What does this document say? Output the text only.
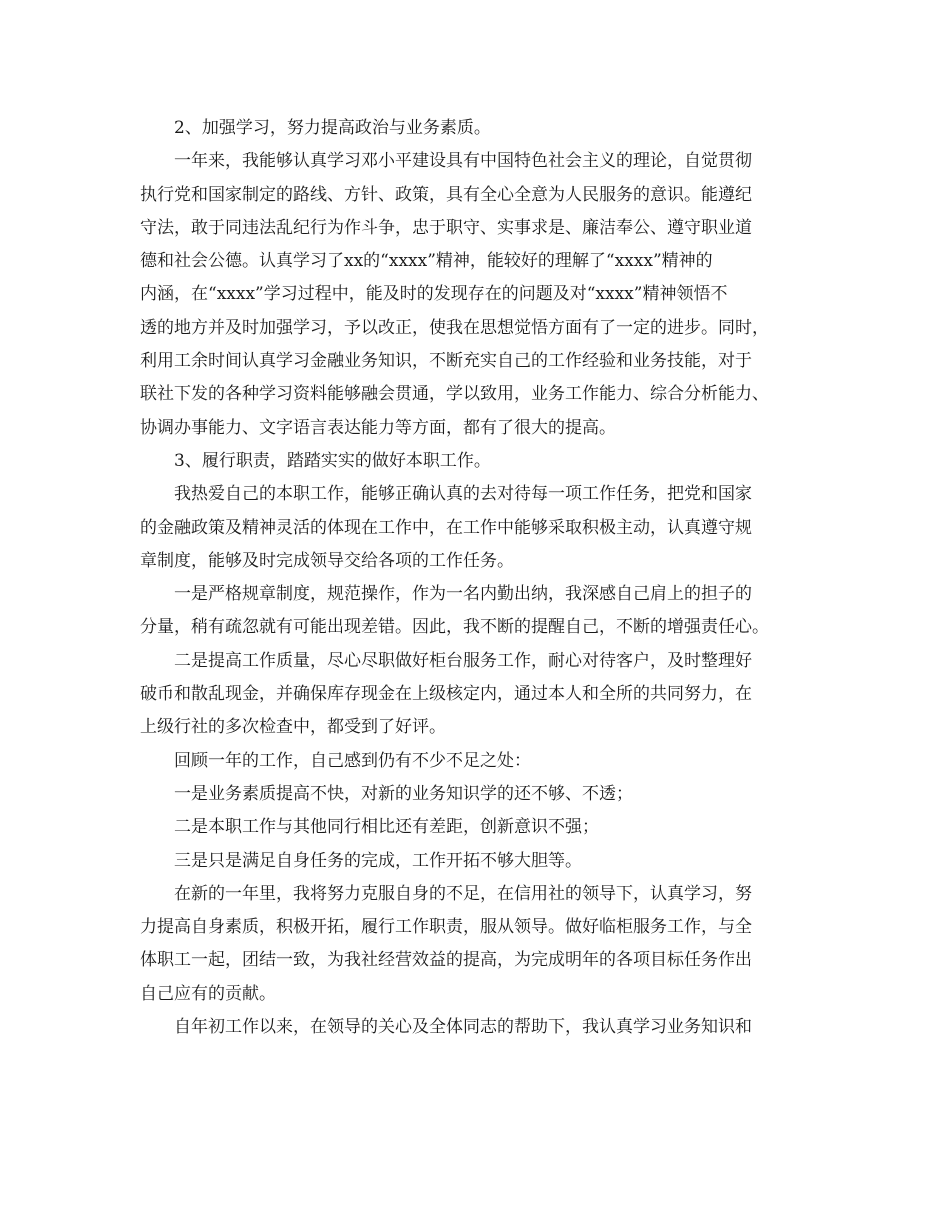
2、加强学习，努力提高政治与业务素质。
一年来，我能够认真学习邓小平建设具有中国特色社会主义的理论，自觉贯彻
执行党和国家制定的路线、方针、政策，具有全心全意为人民服务的意识。能遵纪
守法，敢于同违法乱纪行为作斗争，忠于职守、实事求是、廉洁奉公、遵守职业道
德和社会公德。认真学习了xx的“xxxx”精神，能较好的理解了“xxxx”精神的
内涵，在“xxxx”学习过程中，能及时的发现存在的问题及对“xxxx”精神领悟不
透的地方并及时加强学习，予以改正，使我在思想觉悟方面有了一定的进步。同时，
利用工余时间认真学习金融业务知识，不断充实自己的工作经验和业务技能，对于
联社下发的各种学习资料能够融会贯通，学以致用，业务工作能力、综合分析能力、
协调办事能力、文字语言表达能力等方面，都有了很大的提高。
3、履行职责，踏踏实实的做好本职工作。
我热爱自己的本职工作，能够正确认真的去对待每一项工作任务，把党和国家
的金融政策及精神灵活的体现在工作中，在工作中能够采取积极主动，认真遵守规
章制度，能够及时完成领导交给各项的工作任务。
一是严格规章制度，规范操作，作为一名内勤出纳，我深感自己肩上的担子的
分量，稍有疏忽就有可能出现差错。因此，我不断的提醒自己，不断的增强责任心。
二是提高工作质量，尽心尽职做好柜台服务工作，耐心对待客户，及时整理好
破币和散乱现金，并确保库存现金在上级核定内，通过本人和全所的共同努力，在
上级行社的多次检查中，都受到了好评。
回顾一年的工作，自己感到仍有不少不足之处：
一是业务素质提高不快，对新的业务知识学的还不够、不透；
二是本职工作与其他同行相比还有差距，创新意识不强；
三是只是满足自身任务的完成，工作开拓不够大胆等。
在新的一年里，我将努力克服自身的不足，在信用社的领导下，认真学习，努
力提高自身素质，积极开拓，履行工作职责，服从领导。做好临柜服务工作，与全
体职工一起，团结一致，为我社经营效益的提高，为完成明年的各项目标任务作出
自己应有的贡献。
自年初工作以来，在领导的关心及全体同志的帮助下，我认真学习业务知识和
